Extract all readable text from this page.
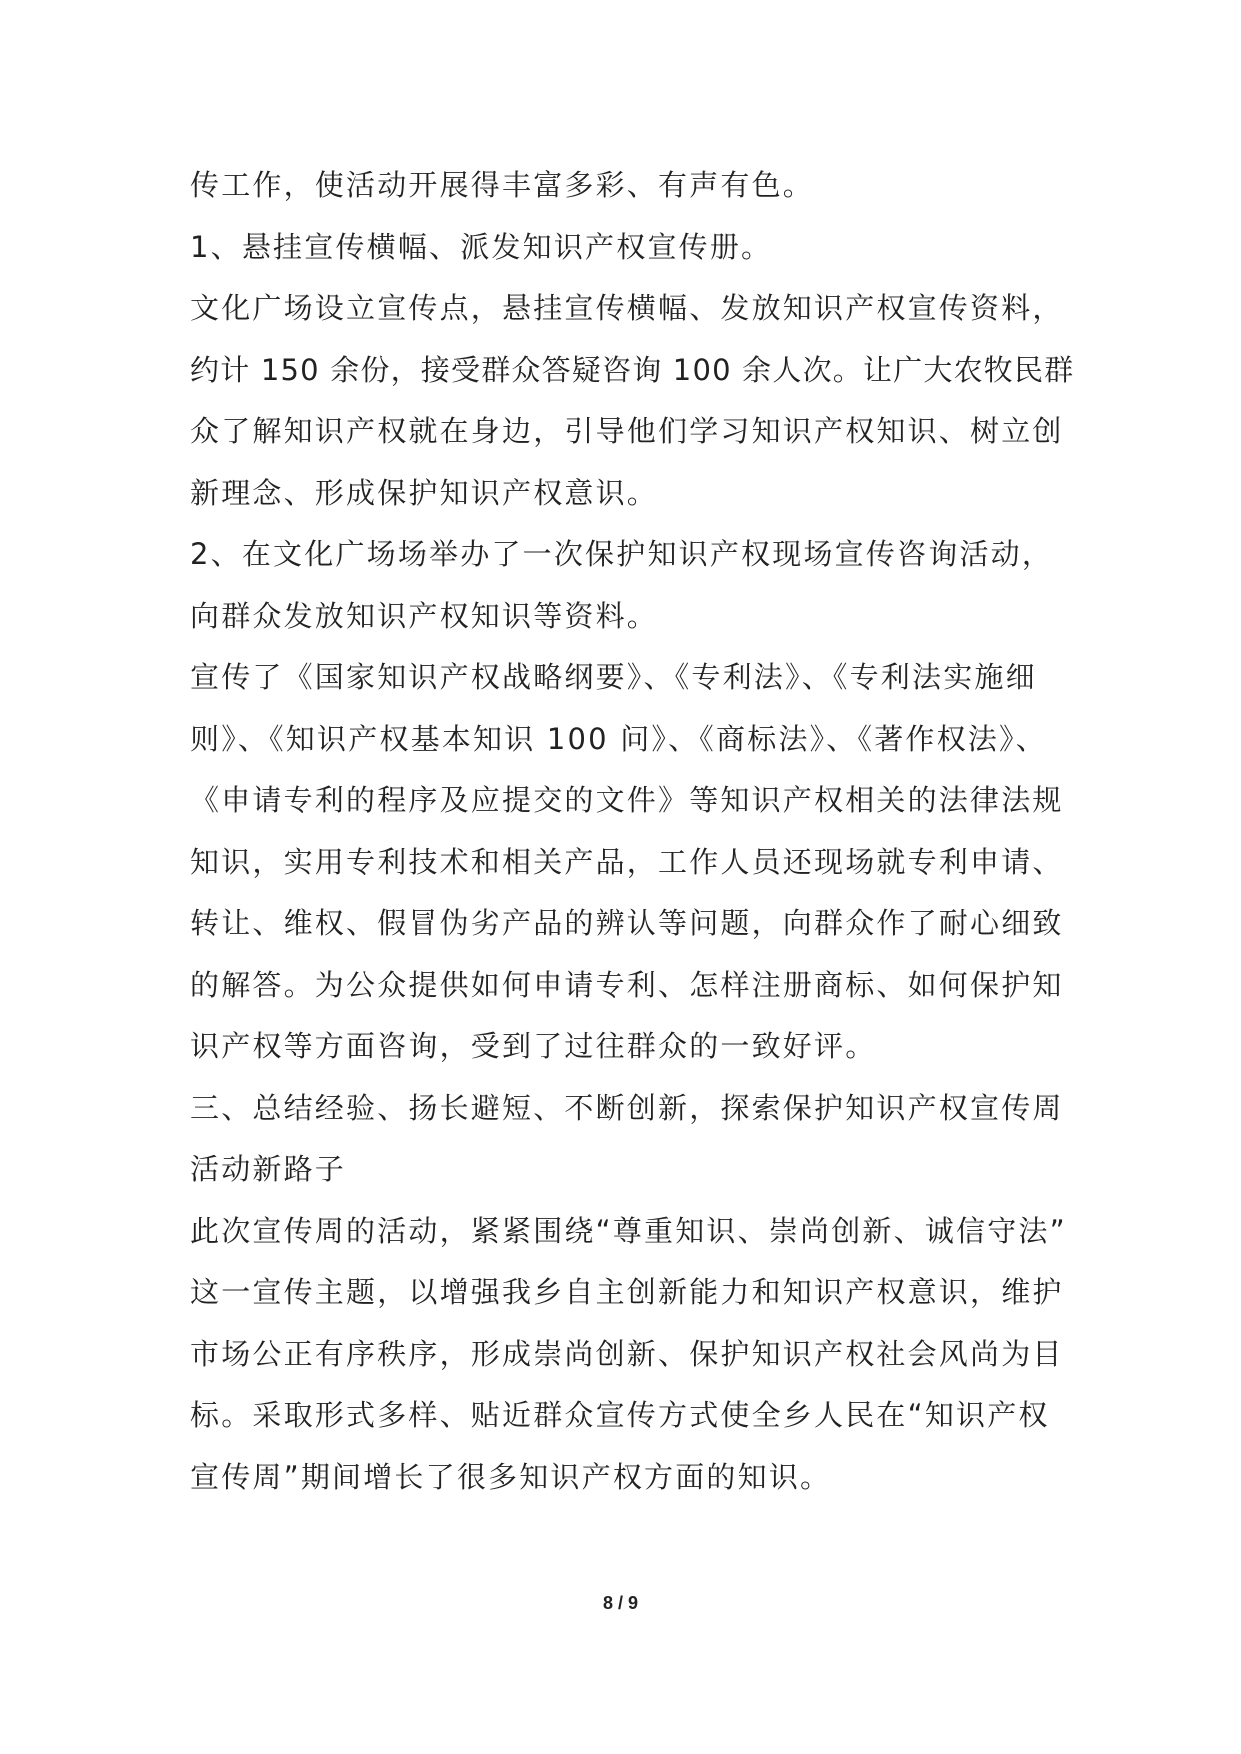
传工作，使活动开展得丰富多彩、有声有色。
1、悬挂宣传横幅、派发知识产权宣传册。
文化广场设立宣传点，悬挂宣传横幅、发放知识产权宣传资料，
约计 150 余份，接受群众答疑咨询 100 余人次。让广大农牧民群
众了解知识产权就在身边，引导他们学习知识产权知识、树立创
新理念、形成保护知识产权意识。
2、在文化广场场举办了一次保护知识产权现场宣传咨询活动，
向群众发放知识产权知识等资料。
宣传了《国家知识产权战略纲要》、《专利法》、《专利法实施细
则》、《知识产权基本知识 100 问》、《商标法》、《著作权法》、
《申请专利的程序及应提交的文件》等知识产权相关的法律法规
知识，实用专利技术和相关产品，工作人员还现场就专利申请、
转让、维权、假冒伪劣产品的辨认等问题，向群众作了耐心细致
的解答。为公众提供如何申请专利、怎样注册商标、如何保护知
识产权等方面咨询，受到了过往群众的一致好评。
三、总结经验、扬长避短、不断创新，探索保护知识产权宣传周
活动新路子
此次宣传周的活动，紧紧围绕“尊重知识、崇尚创新、诚信守法”
这一宣传主题，以增强我乡自主创新能力和知识产权意识，维护
市场公正有序秩序，形成崇尚创新、保护知识产权社会风尚为目
标。采取形式多样、贴近群众宣传方式使全乡人民在“知识产权
宣传周”期间增长了很多知识产权方面的知识。
8 / 9
